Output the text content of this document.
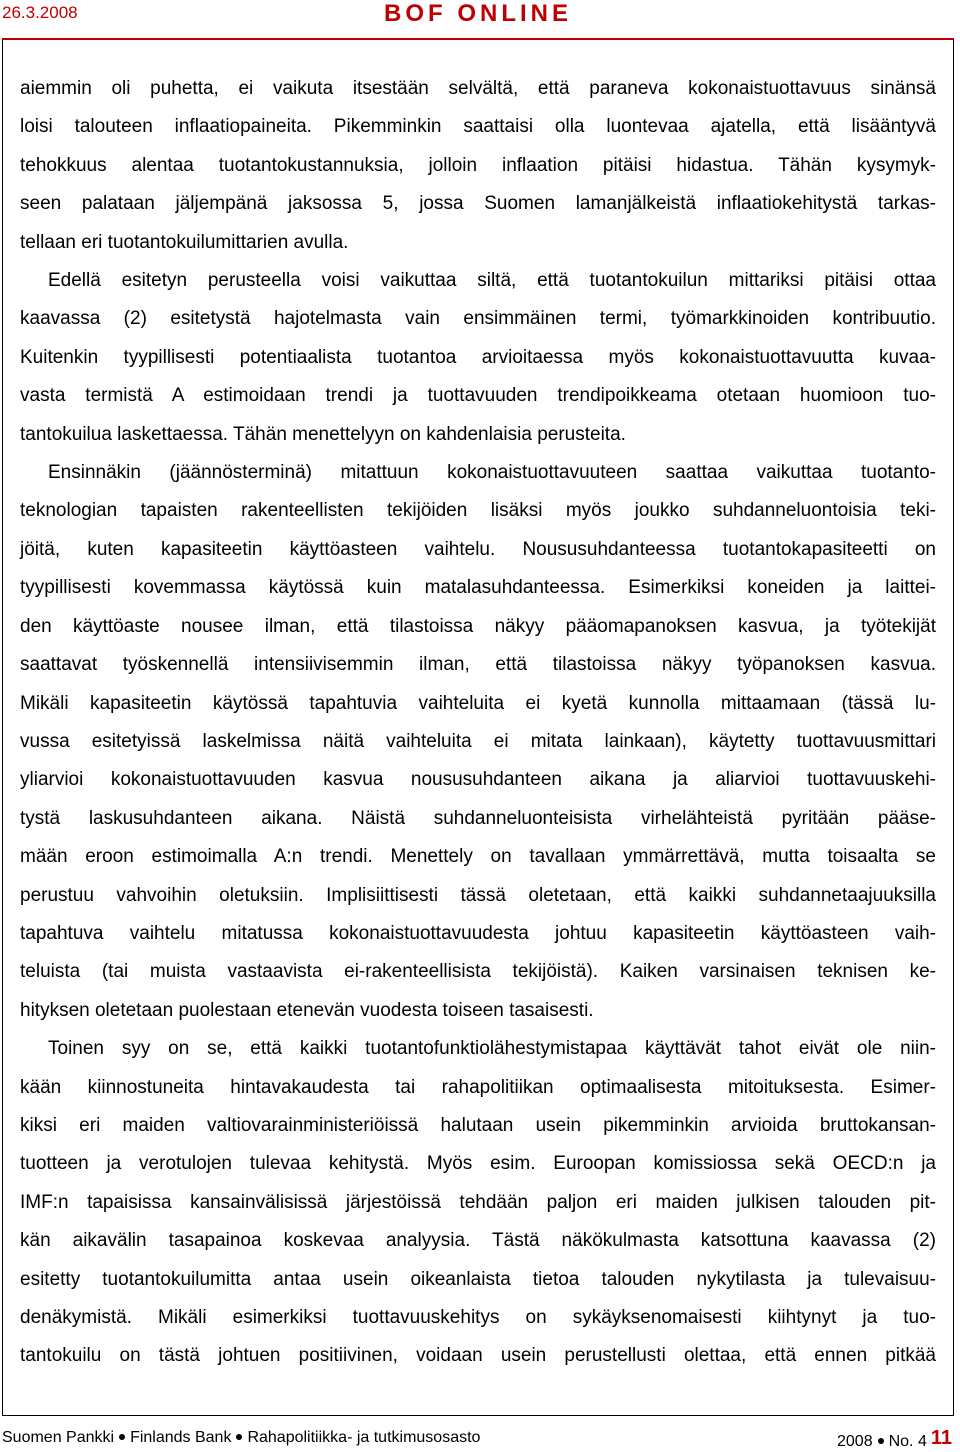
26.3.2008	BOF ONLINE
aiemmin oli puhetta, ei vaikuta itsestään selvältä, että paraneva kokonaistuottavuus sinänsä
loisi talouteen inflaatiopaineita. Pikemminkin saattaisi olla luontevaa ajatella, että lisääntyvä
tehokkuus alentaa tuotantokustannuksia, jolloin inflaation pitäisi hidastua. Tähän kysymyk-
seen palataan jäljempänä jaksossa 5, jossa Suomen lamanjälkeistä inflaatiokehitystä tarkas-
tellaan eri tuotantokuilumittarien avulla.
Edellä esitetyn perusteella voisi vaikuttaa siltä, että tuotantokuilun mittariksi pitäisi ottaa
kaavassa (2) esitetystä hajotelmasta vain ensimmäinen termi, työmarkkinoiden kontribuutio.
Kuitenkin tyypillisesti potentiaalista tuotantoa arvioitaessa myös kokonaistuottavuutta kuvaa-
vasta termistä A estimoidaan trendi ja tuottavuuden trendipoikkeama otetaan huomioon tuo-
tantokuilua laskettaessa. Tähän menettelyyn on kahdenlaisia perusteita.
Ensinnäkin (jäännösterminä) mitattuun kokonaistuottavuuteen saattaa vaikuttaa tuotanto-
teknologian tapaisten rakenteellisten tekijöiden lisäksi myös joukko suhdanneluontoisia teki-
jöitä, kuten kapasiteetin käyttöasteen vaihtelu. Noususuhdanteessa tuotantokapasiteetti on
tyypillisesti kovemmassa käytössä kuin matalasuhdanteessa. Esimerkiksi koneiden ja laittei-
den käyttöaste nousee ilman, että tilastoissa näkyy pääomapanoksen kasvua, ja työtekijät
saattavat työskennellä intensiivisemmin ilman, että tilastoissa näkyy työpanoksen kasvua.
Mikäli kapasiteetin käytössä tapahtuvia vaihteluita ei kyetä kunnolla mittaamaan (tässä lu-
vussa esitetyissä laskelmissa näitä vaihteluita ei mitata lainkaan), käytetty tuottavuusmittari
yliarvioi kokonaistuottavuuden kasvua noususuhdanteen aikana ja aliarvioi tuottavuuskehi-
tystä laskusuhdanteen aikana. Näistä suhdanneluonteisista virhelähteistä pyritään pääse-
mään eroon estimoimalla A:n trendi. Menettely on tavallaan ymmärrettävä, mutta toisaalta se
perustuu vahvoihin oletuksiin. Implisiittisesti tässä oletetaan, että kaikki suhdannetaajuuksilla
tapahtuva vaihtelu mitatussa kokonaistuottavuudesta johtuu kapasiteetin käyttöasteen vaih-
teluista (tai muista vastaavista ei-rakenteellisista tekijöistä). Kaiken varsinaisen teknisen ke-
hityksen oletetaan puolestaan etenevän vuodesta toiseen tasaisesti.
Toinen syy on se, että kaikki tuotantofunktiolähestymistapaa käyttävät tahot eivät ole niin-
kään kiinnostuneita hintavakaudesta tai rahapolitiikan optimaalisesta mitoituksesta. Esimer-
kiksi eri maiden valtiovarainministeriöissä halutaan usein pikemminkin arvioida bruttokansan-
tuotteen ja verotulojen tulevaa kehitystä. Myös esim. Euroopan komissiossa sekä OECD:n ja
IMF:n tapaisissa kansainvälisissä järjestöissä tehdään paljon eri maiden julkisen talouden pit-
kän aikavälin tasapainoa koskevaa analyysia. Tästä näkökulmasta katsottuna kaavassa (2)
esitetty tuotantokuilumitta antaa usein oikeanlaista tietoa talouden nykytilasta ja tulevaisuu-
denäkymistä. Mikäli esimerkiksi tuottavuuskehitys on sykäyksenomaisesti kiihtynyt ja tuo-
tantokuilu on tästä johtuen positiivinen, voidaan usein perustellusti olettaa, että ennen pitkää
Suomen Pankki Finlands Bank Rahapolitiikka- ja tutkimusosasto	2008 No. 4 11
